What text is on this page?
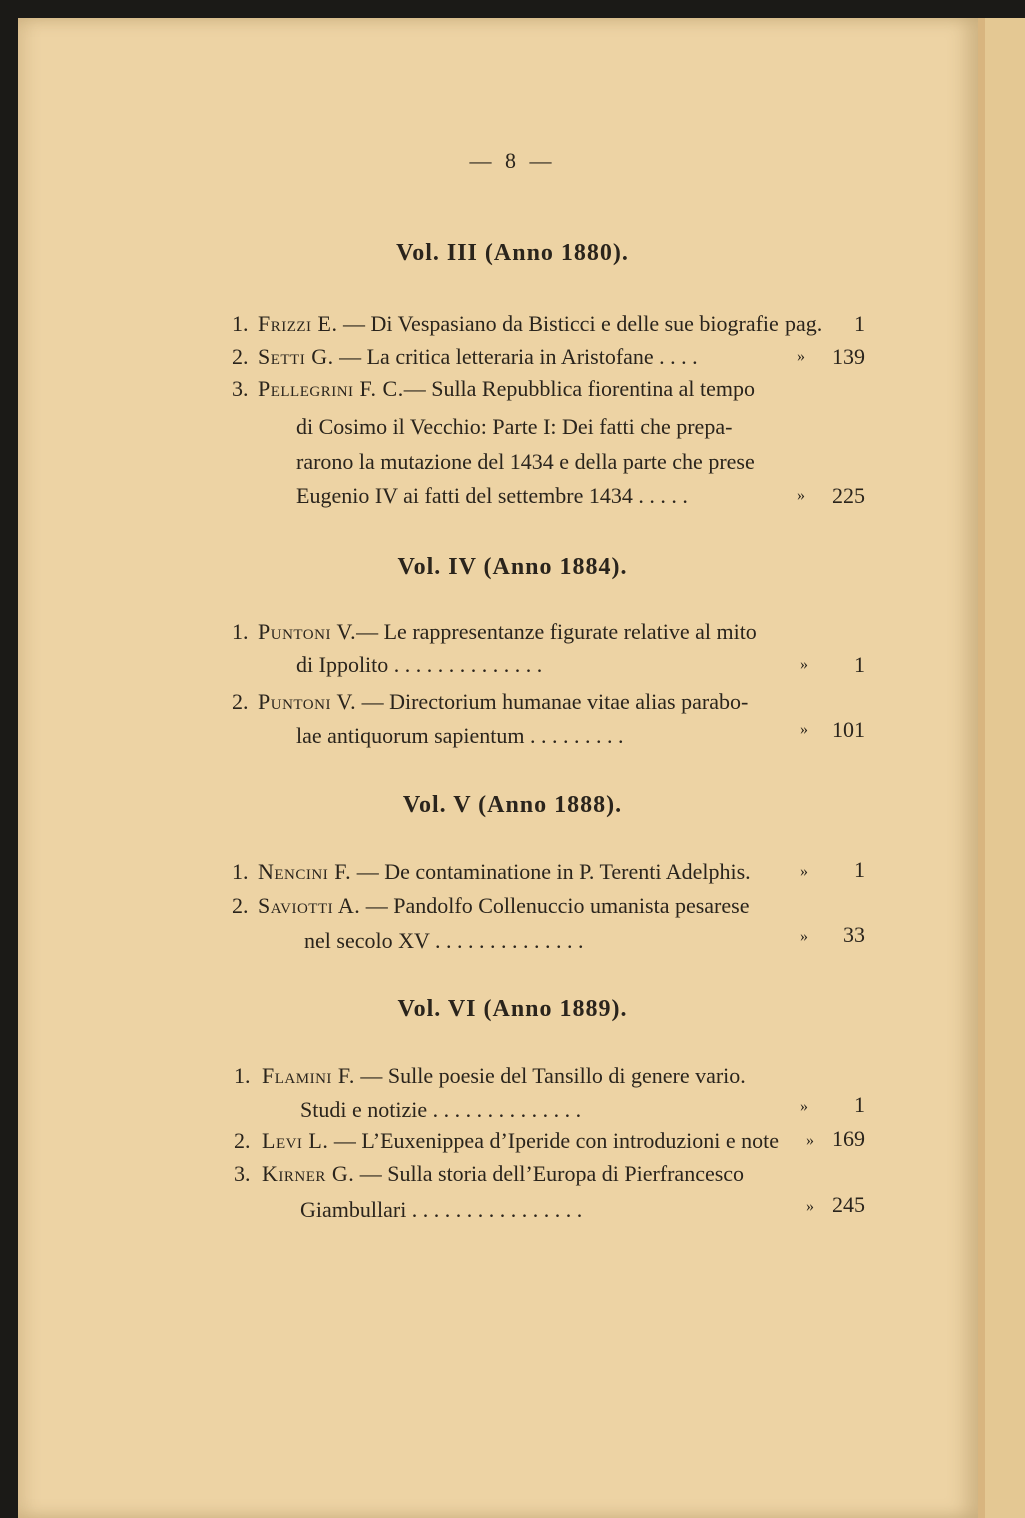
— 8 —
Vol. III (Anno 1880).
1. Frizzi E. — Di Vespasiano da Bisticci e delle sue biografie pag.	1
2. Setti G. — La critica letteraria in Aristofane . . . .	»	139
3. Pellegrini F. C.— Sulla Repubblica fiorentina al tempo
di Cosimo il Vecchio: Parte I: Dei fatti che prepa-
rarono la mutazione del 1434 e della parte che prese
Eugenio IV ai fatti del settembre 1434 . . . . .	»	225
Vol. IV (Anno 1884).
1. Puntoni V.— Le rappresentanze figurate relative al mito
di Ippolito . . . . . . . . . . . . . .	»	1
2. Puntoni V. — Directorium humanae vitae alias parabo-
lae antiquorum sapientum . . . . . . . . .	»	101
Vol. V (Anno 1888).
1. Nencini F. — De contaminatione in P. Terenti Adelphis.	»	1
2. Saviotti A. — Pandolfo Collenuccio umanista pesarese
nel secolo XV . . . . . . . . . . . . . .	»	33
Vol. VI (Anno 1889).
1. Flamini F. — Sulle poesie del Tansillo di genere vario.
Studi e notizie . . . . . . . . . . . . . .	»	1
2. Levi L. — L’Euxenippea d’Iperide con introduzioni e note » 169
3. Kirner G. — Sulla storia dell’Europa di Pierfrancesco
Giambullari . . . . . . . . . . . . . . . .	» 245
